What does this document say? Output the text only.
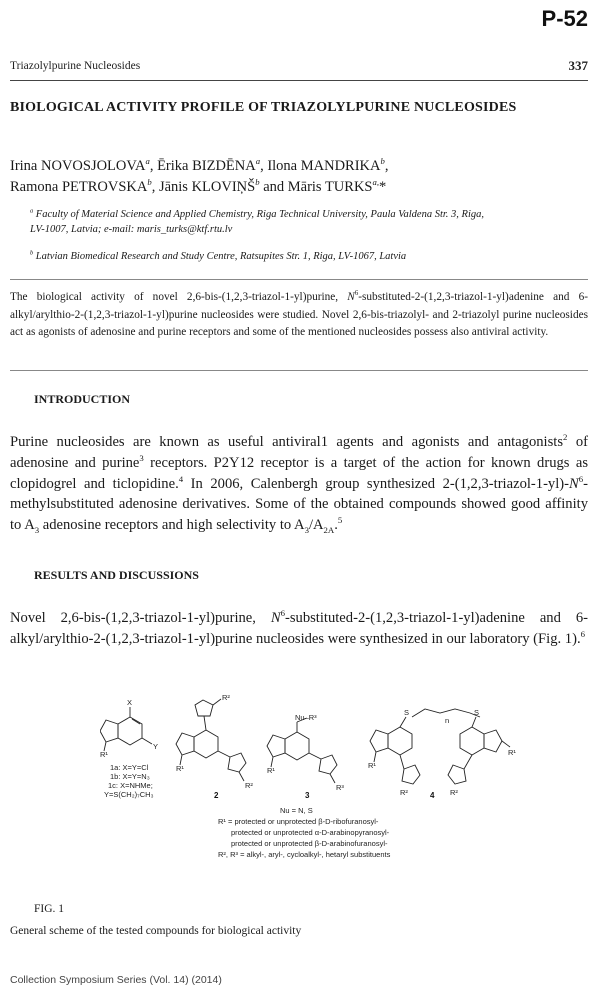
P-52
Triazolylpurine Nucleosides	337
BIOLOGICAL ACTIVITY PROFILE OF TRIAZOLYLPURINE NUCLEOSIDES
Irina NOVOSJOLOVA$^a$, Ērika BIZDĒNA$^a$, Ilona MANDRIKA$^b$,
Ramona PETROVSKA$^b$, Jānis KLOVIŅŠ$^b$ and Māris $TURKS^{a,}*$
$^a$ Faculty of Material Science and Applied Chemistry, Riga Technical University, Paula Valdena Str. 3, Riga,
LV-1007, Latvia; e-mail: maris_turks@ktf.rtu.lv
$^b$ Latvian Biomedical Research and Study Centre, Ratsupites Str. 1, Riga, LV-1067, Latvia
The biological activity of novel 2,6-bis-(1,2,3-triazol-1-yl)purine, $N^6-substituted-2-(1,2,3-triazol-1-yl)adenine$ and 6-alkyl/arylthio-2-(1,2,3-triazol-1-yl)purine nucleosides were studied. Novel 2,6-bis-triazolyl- and 2-triazolyl purine nucleosides act as agonists of adenosine and purine receptors and some of the mentioned nucleosides possess also antiviral activity.
INTRODUCTION
Purine nucleosides are known as useful antiviral1 agents and agonists and antagonists$^2$ of adenosine and purine$^3$ receptors. P2Y12 receptor is a target of the action for known drugs as clopidogrel and ticlopidine.$^4$ In 2006, Calenbergh group synthesized $2-(1,2,3-triazol-1-yl)-N^6$-methylsubstituted adenosine derivatives. Some of the obtained compounds showed good affinity to $A_3$ adenosine receptors and high selectivity to $A_3/A_{2A}.^5$
RESULTS AND DISCUSSIONS
Novel 2,6-bis-(1,2,3-triazol-1-yl)purine, $N^6-substituted-2-(1,2,3-triazol-1-yl)adenine$ and 6-alkyl/arylthio-2-(1,2,3-triazol-1-yl)purine nucleosides were synthesized in our laboratory (Fig. 1).$^6$
X
Y
R¹
R²
R²
R¹
Nu–R³
R³
R¹
S	S
n
R¹
R¹
R²	R²
1a: X=Y=Cl
1b: X=Y=N₃
1c: X=NHMe;
Y=S(CH₂)₇CH₃	2	3	4
Nu = N, S
R¹ = protected or unprotected β-D-ribofuranosyl-
protected or unprotected α-D-arabinopyranosyl-
protected or unprotected β-D-arabinofuranosyl-
R², R³ = alkyl-, aryl-, cycloalkyl-, hetaryl substituents
FIG. 1
General scheme of the tested compounds for biological activity
Collection Symposium Series (Vol. 14) (2014)
